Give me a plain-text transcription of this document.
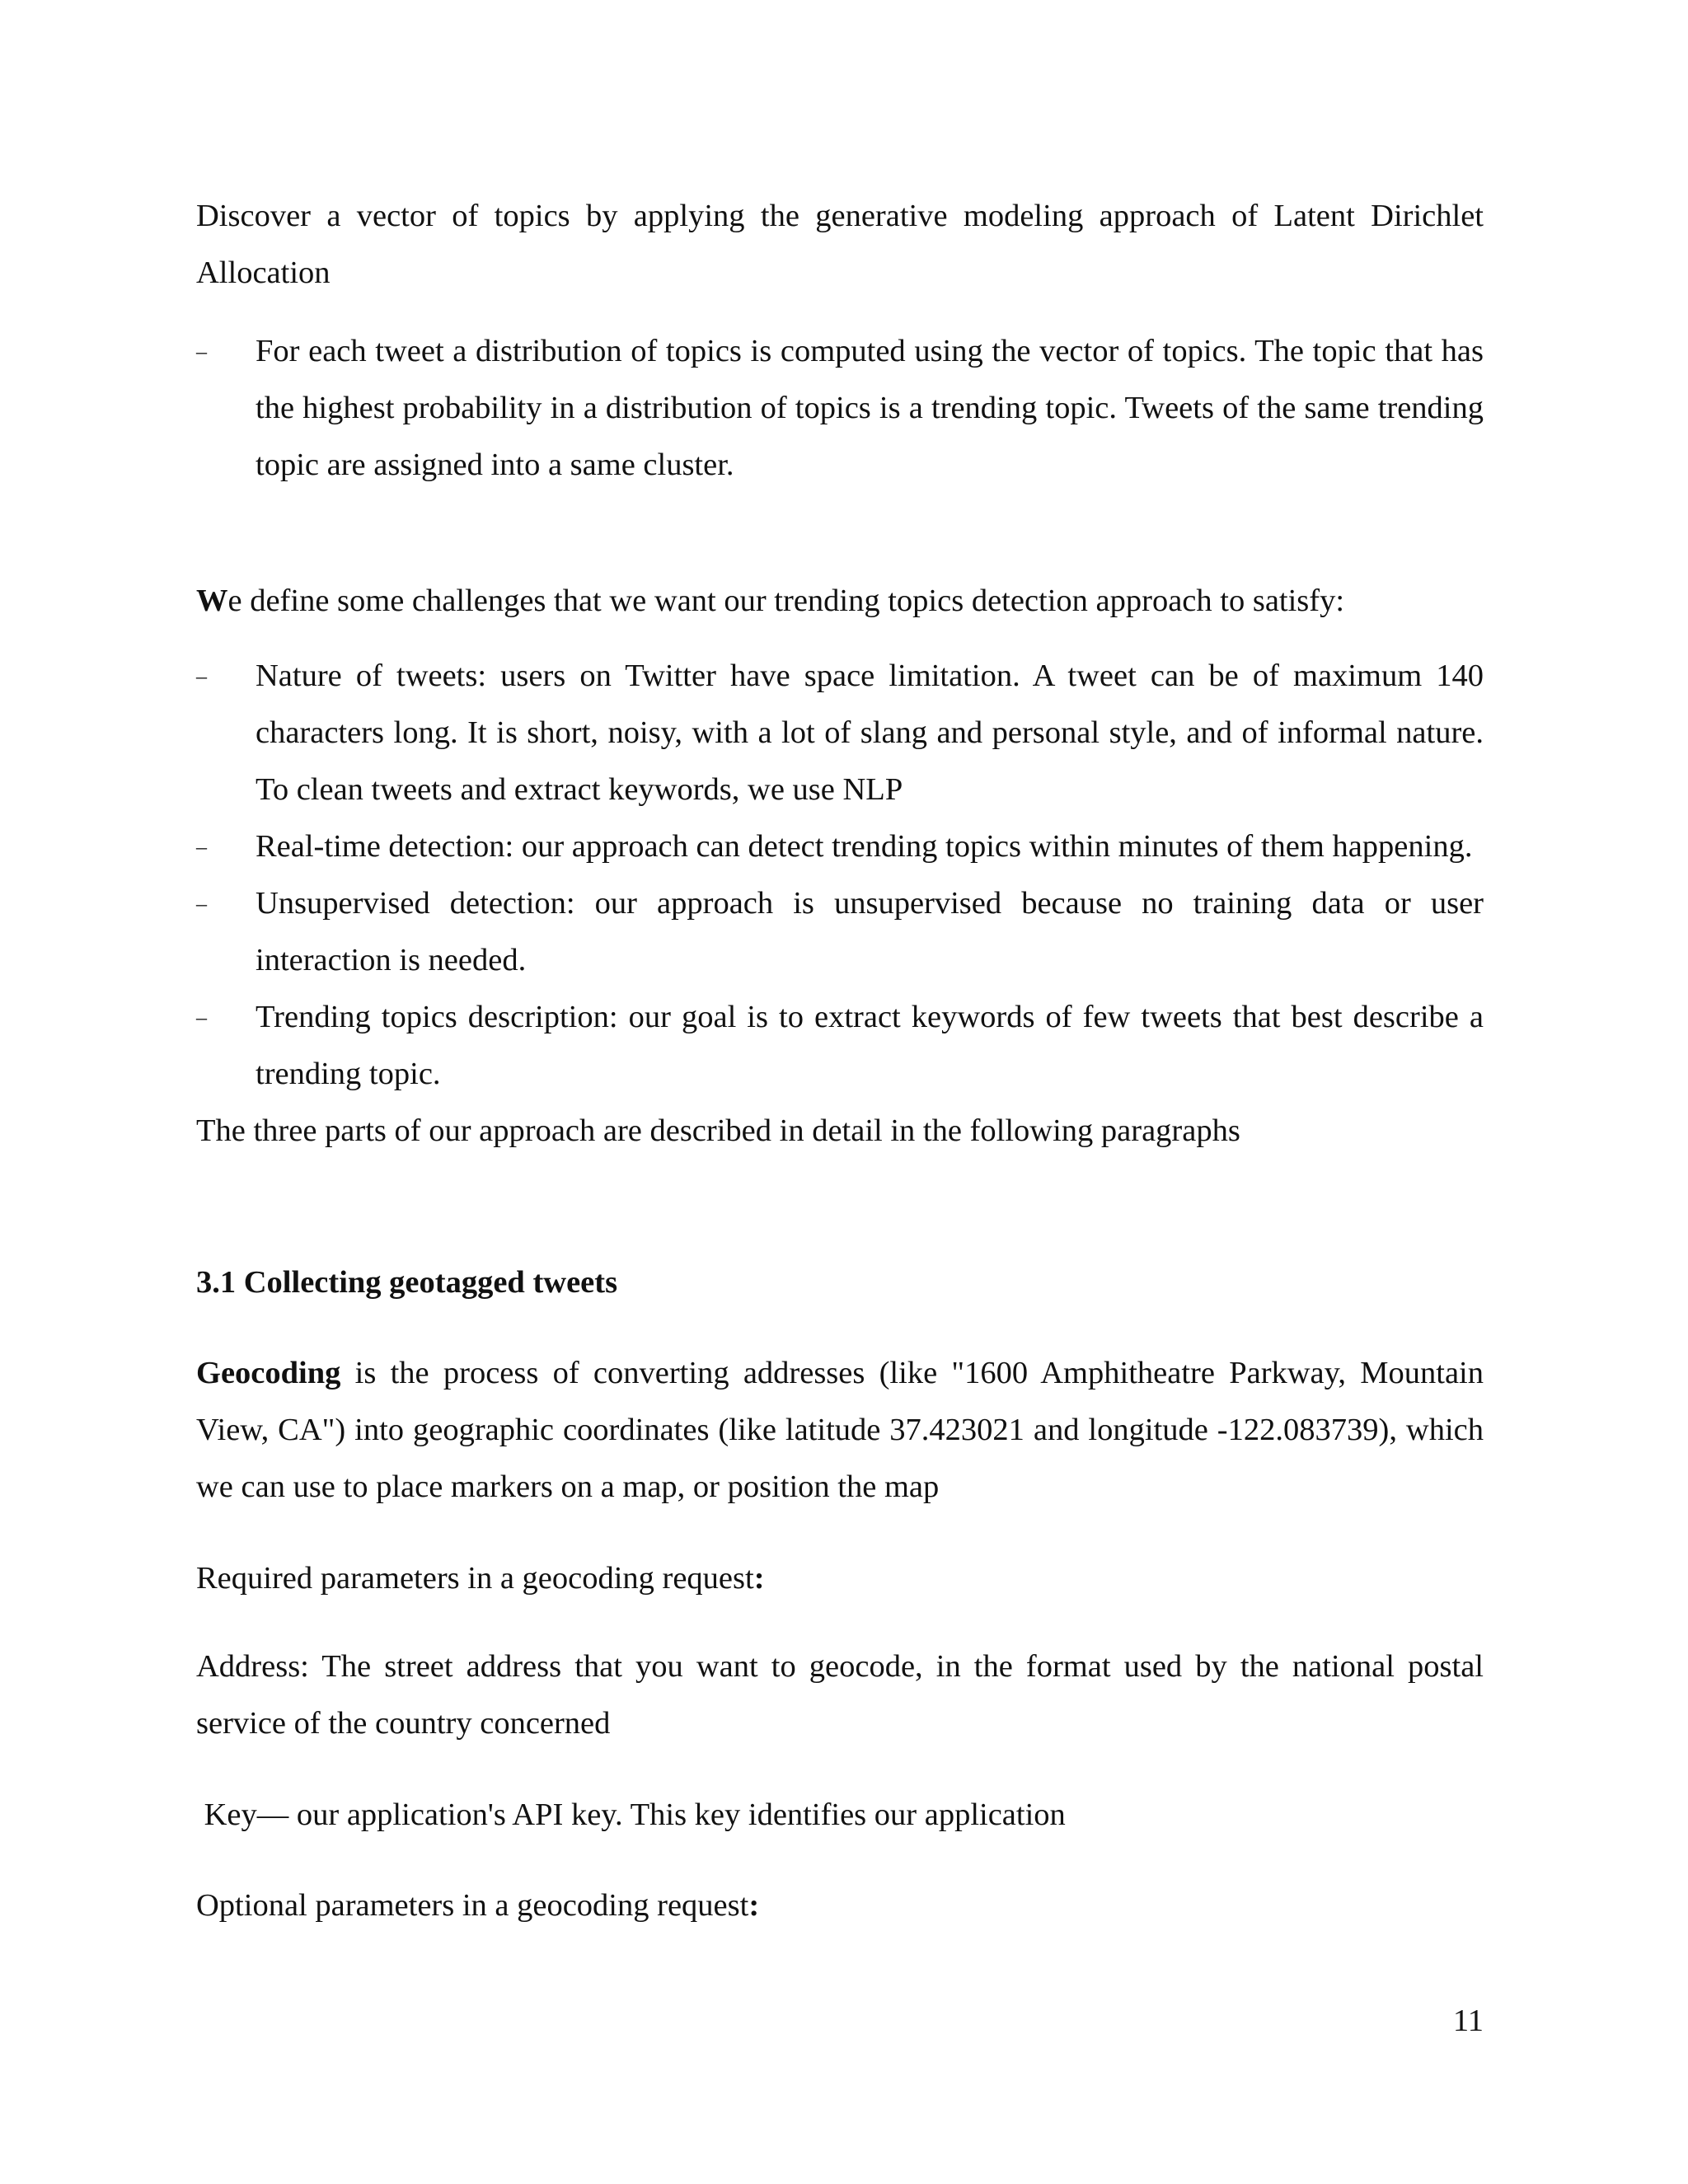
Discover a vector of topics by applying the generative modeling approach of Latent Dirichlet Allocation

–	For each tweet a distribution of topics is computed using the vector of topics. The topic that has the highest probability in a distribution of topics is a trending topic. Tweets of the same trending topic are assigned into a same cluster.

We define some challenges that we want our trending topics detection approach to satisfy:

–	Nature of tweets: users on Twitter have space limitation. A tweet can be of maximum 140 characters long. It is short, noisy, with a lot of slang and personal style, and of informal nature. To clean tweets and extract keywords, we use NLP
–	Real-time detection: our approach can detect trending topics within minutes of them happening.
–	Unsupervised detection: our approach is unsupervised because no training data or user interaction is needed.
–	Trending topics description: our goal is to extract keywords of few tweets that best describe a trending topic.

The three parts of our approach are described in detail in the following paragraphs

3.1 Collecting geotagged tweets

Geocoding is the process of converting addresses (like "1600 Amphitheatre Parkway, Mountain View, CA") into geographic coordinates (like latitude 37.423021 and longitude -122.083739), which we can use to place markers on a map, or position the map

Required parameters in a geocoding request:

Address: The street address that you want to geocode, in the format used by the national postal service of the country concerned

Key— our application's API key. This key identifies our application

Optional parameters in a geocoding request:

11
